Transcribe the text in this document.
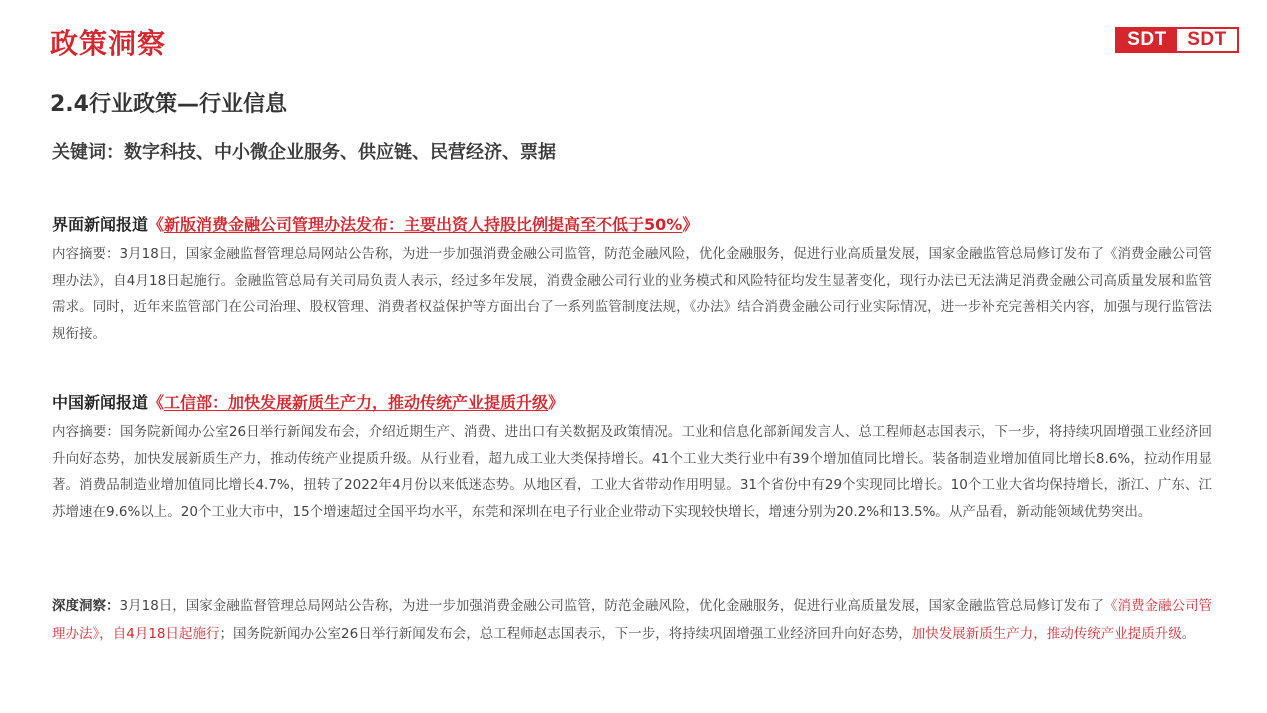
政策洞察	SDT	SDT
2.4行业政策—行业信息
关键词：数字科技、中小微企业服务、供应链、民营经济、票据
界面新闻报道《新版消费金融公司管理办法发布：主要出资人持股比例提高至不低于50%》
内容摘要：3月18日，国家金融监督管理总局网站公告称，为进一步加强消费金融公司监管，防范金融风险，优化金融服务，促进行业高质量发展，国家金融监管总局修订发布了《消费金融公司管理办法》，自4月18日起施行。金融监管总局有关司局负责人表示，经过多年发展，消费金融公司行业的业务模式和风险特征均发生显著变化，现行办法已无法满足消费金融公司高质量发展和监管需求。同时，近年来监管部门在公司治理、股权管理、消费者权益保护等方面出台了一系列监管制度法规，《办法》结合消费金融公司行业实际情况，进一步补充完善相关内容，加强与现行监管法规衔接。
中国新闻报道《工信部：加快发展新质生产力，推动传统产业提质升级》
内容摘要：国务院新闻办公室26日举行新闻发布会，介绍近期生产、消费、进出口有关数据及政策情况。工业和信息化部新闻发言人、总工程师赵志国表示，下一步，将持续巩固增强工业经济回升向好态势，加快发展新质生产力，推动传统产业提质升级。从行业看，超九成工业大类保持增长。41个工业大类行业中有39个增加值同比增长。装备制造业增加值同比增长8.6%，拉动作用显著。消费品制造业增加值同比增长4.7%，扭转了2022年4月份以来低迷态势。从地区看，工业大省带动作用明显。31个省份中有29个实现同比增长。10个工业大省均保持增长，浙江、广东、江苏增速在9.6%以上。20个工业大市中，15个增速超过全国平均水平，东莞和深圳在电子行业企业带动下实现较快增长，增速分别为20.2%和13.5%。从产品看，新动能领域优势突出。
深度洞察：3月18日，国家金融监督管理总局网站公告称，为进一步加强消费金融公司监管，防范金融风险，优化金融服务，促进行业高质量发展，国家金融监管总局修订发布了《消费金融公司管理办法》，自4月18日起施行；国务院新闻办公室26日举行新闻发布会，总工程师赵志国表示，下一步，将持续巩固增强工业经济回升向好态势，加快发展新质生产力，推动传统产业提质升级。
